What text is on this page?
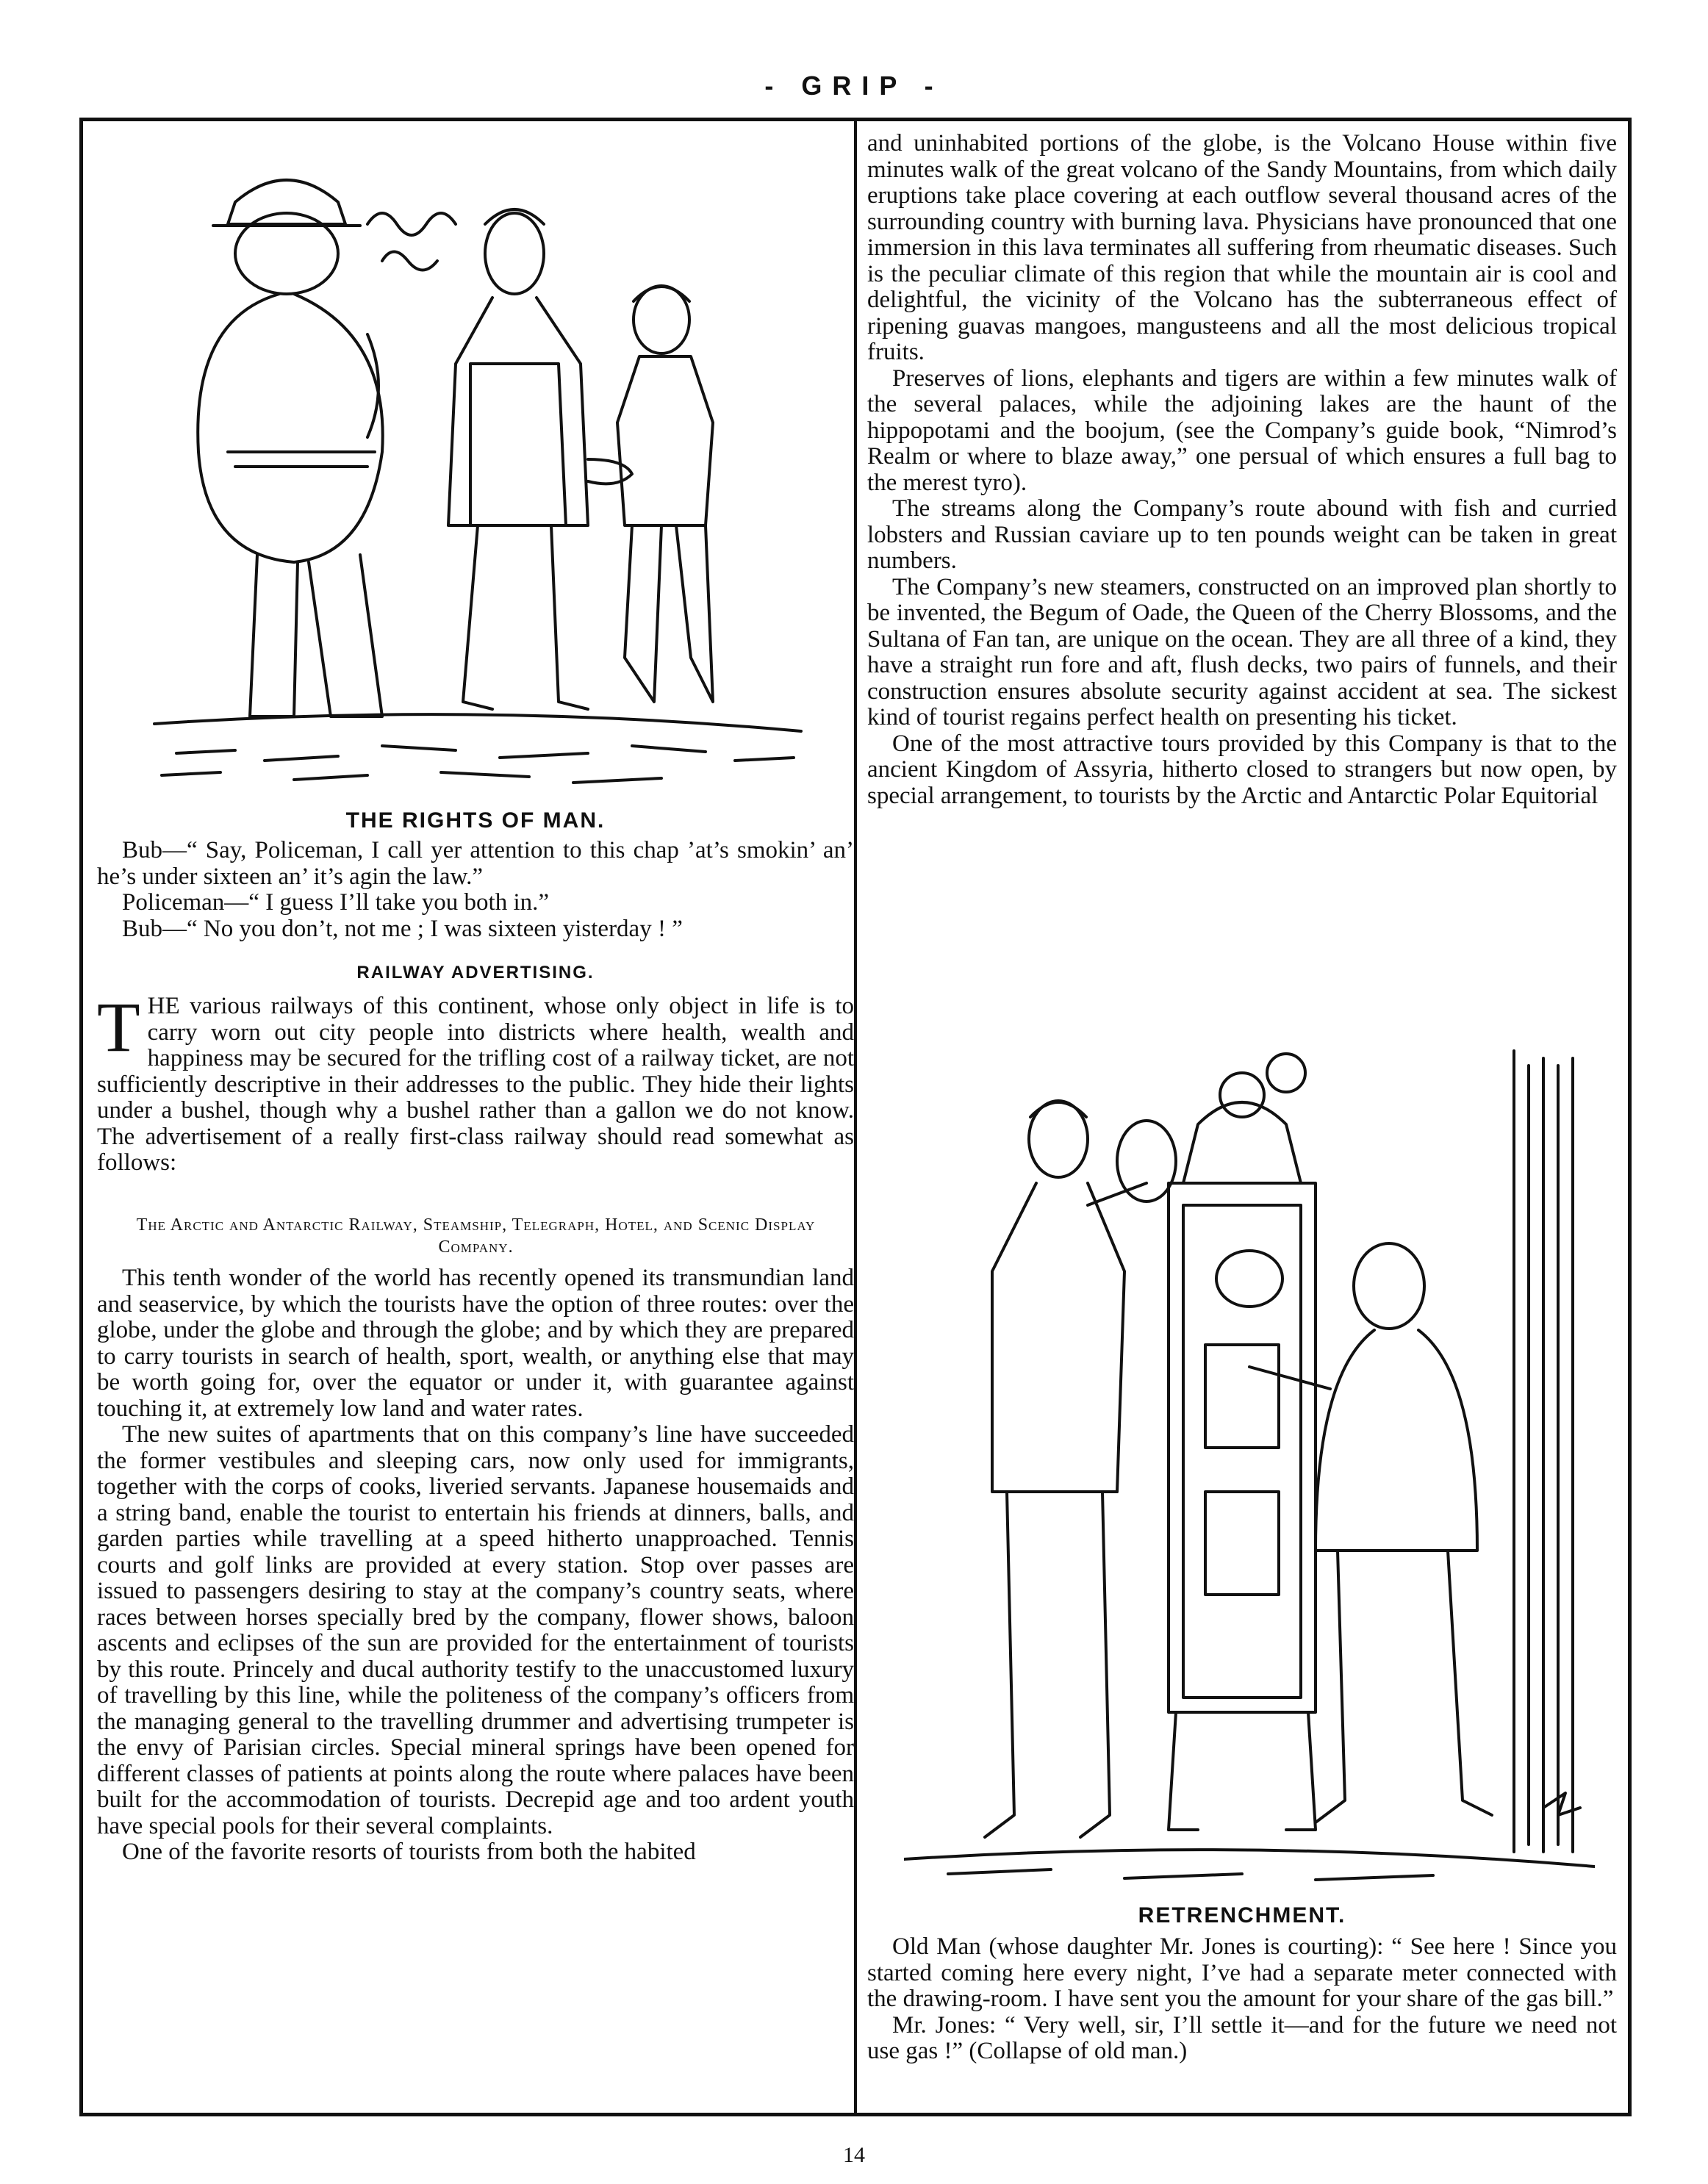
- GRIP -
THE RIGHTS OF MAN.

Bub—“ Say, Policeman, I call yer attention to this chap ’at’s smokin’ an’ he’s under sixteen an’ it’s agin the law.”

Policeman—“ I guess I’ll take you both in.”

Bub—“ No you don’t, not me ; I was sixteen yisterday ! ”

RAILWAY ADVERTISING.

THE various railways of this continent, whose only object in life is to carry worn out city people into districts where health, wealth and happiness may be secured for the trifling cost of a railway ticket, are not sufficiently descriptive in their addresses to the public. They hide their lights under a bushel, though why a bushel rather than a gallon we do not know. The advertisement of a really first-class railway should read somewhat as follows:

The Arctic and Antarctic Railway, Steamship, Telegraph, Hotel, and Scenic Display Company.

This tenth wonder of the world has recently opened its transmundian land and seaservice, by which the tourists have the option of three routes: over the globe, under the globe and through the globe; and by which they are prepared to carry tourists in search of health, sport, wealth, or anything else that may be worth going for, over the equator or under it, with guarantee against touching it, at extremely low land and water rates.

The new suites of apartments that on this company’s line have succeeded the former vestibules and sleeping cars, now only used for immigrants, together with the corps of cooks, liveried servants. Japanese housemaids and a string band, enable the tourist to entertain his friends at dinners, balls, and garden parties while travelling at a speed hitherto unapproached. Tennis courts and golf links are provided at every station. Stop over passes are issued to passengers desiring to stay at the company’s country seats, where races between horses specially bred by the company, flower shows, baloon ascents and eclipses of the sun are provided for the entertainment of tourists by this route. Princely and ducal authority testify to the unaccustomed luxury of travelling by this line, while the politeness of the company’s officers from the managing general to the travelling drummer and advertising trumpeter is the envy of Parisian circles. Special mineral springs have been opened for different classes of patients at points along the route where palaces have been built for the accommodation of tourists. Decrepid age and too ardent youth have special pools for their several complaints.

One of the favorite resorts of tourists from both the habited

and uninhabited portions of the globe, is the Volcano House within five minutes walk of the great volcano of the Sandy Mountains, from which daily eruptions take place covering at each outflow several thousand acres of the surrounding country with burning lava. Physicians have pronounced that one immersion in this lava terminates all suffering from rheumatic diseases. Such is the peculiar climate of this region that while the mountain air is cool and delightful, the vicinity of the Volcano has the subterraneous effect of ripening guavas mangoes, mangusteens and all the most delicious tropical fruits.

Preserves of lions, elephants and tigers are within a few minutes walk of the several palaces, while the adjoining lakes are the haunt of the hippopotami and the boojum, (see the Company’s guide book, “Nimrod’s Realm or where to blaze away,” one persual of which ensures a full bag to the merest tyro).

The streams along the Company’s route abound with fish and curried lobsters and Russian caviare up to ten pounds weight can be taken in great numbers.

The Company’s new steamers, constructed on an improved plan shortly to be invented, the Begum of Oade, the Queen of the Cherry Blossoms, and the Sultana of Fan tan, are unique on the ocean. They are all three of a kind, they have a straight run fore and aft, flush decks, two pairs of funnels, and their construction ensures absolute security against accident at sea. The sickest kind of tourist regains perfect health on presenting his ticket.

One of the most attractive tours provided by this Company is that to the ancient Kingdom of Assyria, hitherto closed to strangers but now open, by special arrangement, to tourists by the Arctic and Antarctic Polar Equitorial

RETRENCHMENT.

Old Man (whose daughter Mr. Jones is courting): “ See here ! Since you started coming here every night, I’ve had a separate meter connected with the drawing-room. I have sent you the amount for your share of the gas bill.”

Mr. Jones: “ Very well, sir, I’ll settle it—and for the future we need not use gas !” (Collapse of old man.)

14
